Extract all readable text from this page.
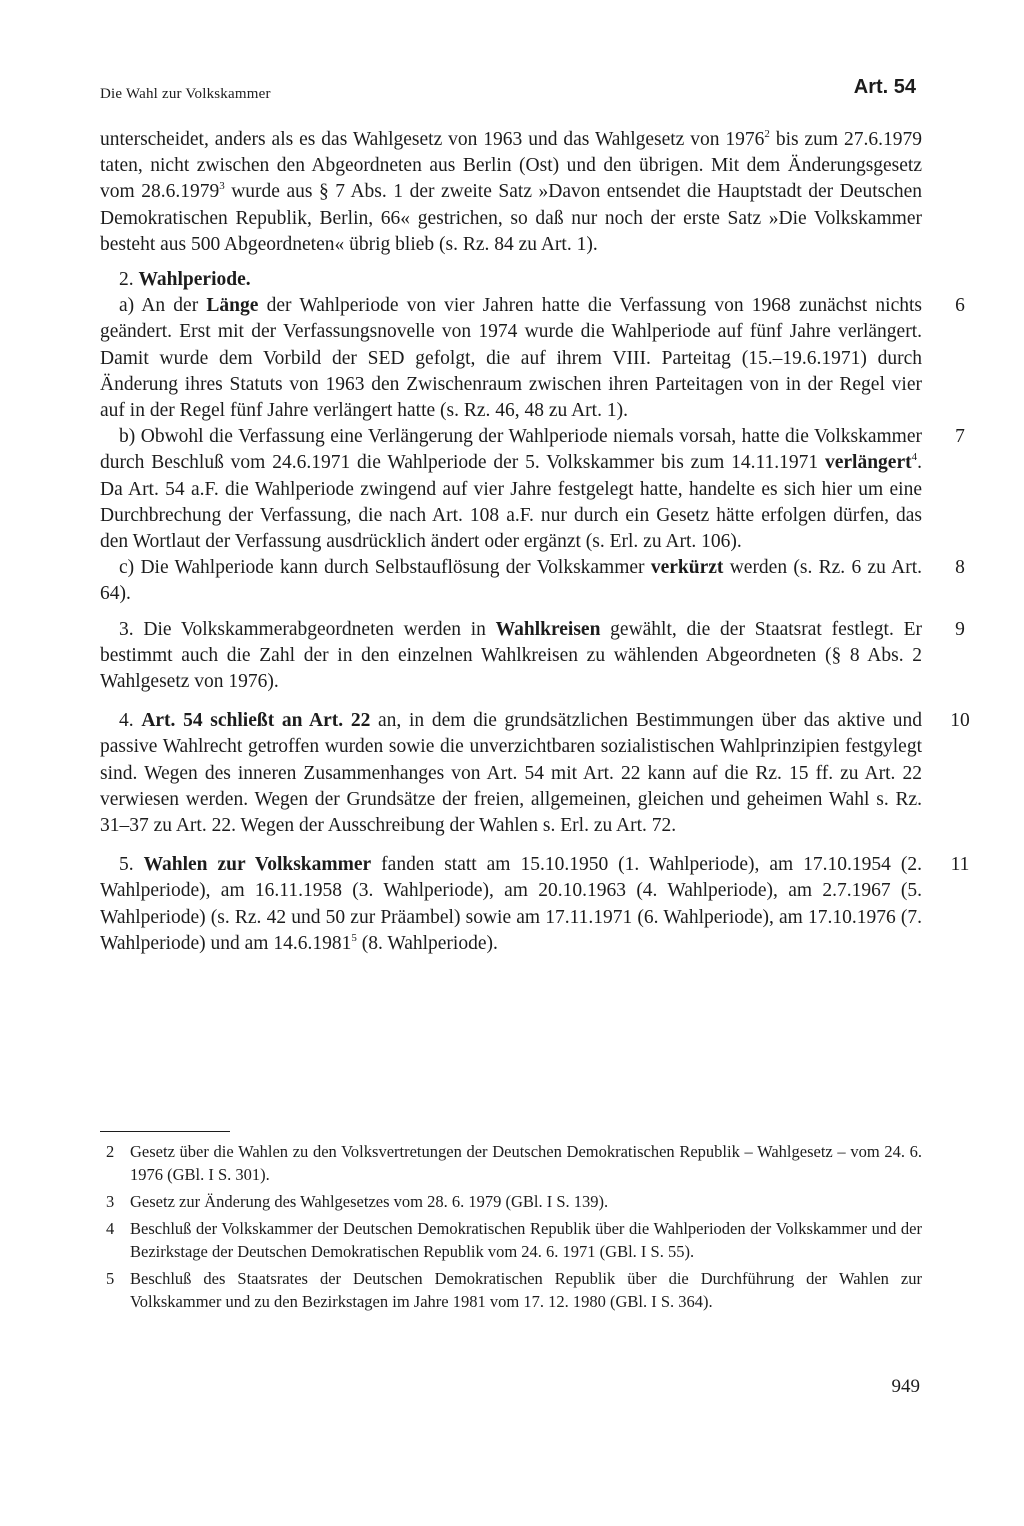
Die Wahl zur Volkskammer	Art. 54

unterscheidet, anders als es das Wahlgesetz von 1963 und das Wahlgesetz von 1976$^2$ bis zum 27.6.1979 taten, nicht zwischen den Abgeordneten aus Berlin (Ost) und den übrigen. Mit dem Änderungsgesetz vom 28.6.1979$^3$ wurde aus § 7 Abs. 1 der zweite Satz »Davon entsendet die Hauptstadt der Deutschen Demokratischen Republik, Berlin, 66« gestrichen, so daß nur noch der erste Satz »Die Volkskammer besteht aus 500 Abgeordneten« übrig blieb (s. Rz. 84 zu Art. 1).

2. Wahlperiode.

a) An der Länge der Wahlperiode von vier Jahren hatte die Verfassung von 1968 zunächst nichts geändert. Erst mit der Verfassungsnovelle von 1974 wurde die Wahlperiode auf fünf Jahre verlängert. Damit wurde dem Vorbild der SED gefolgt, die auf ihrem VIII. Parteitag (15.–19.6.1971) durch Änderung ihres Statuts von 1963 den Zwischenraum zwischen ihren Parteitagen von in der Regel vier auf in der Regel fünf Jahre verlängert hatte (s. Rz. 46, 48 zu Art. 1).
6

b) Obwohl die Verfassung eine Verlängerung der Wahlperiode niemals vorsah, hatte die Volkskammer durch Beschluß vom 24.6.1971 die Wahlperiode der 5. Volkskammer bis zum 14.11.1971 verlängert$^4$. Da Art. 54 a.F. die Wahlperiode zwingend auf vier Jahre festgelegt hatte, handelte es sich hier um eine Durchbrechung der Verfassung, die nach Art. 108 a.F. nur durch ein Gesetz hätte erfolgen dürfen, das den Wortlaut der Verfassung ausdrücklich ändert oder ergänzt (s. Erl. zu Art. 106).
7

c) Die Wahlperiode kann durch Selbstauflösung der Volkskammer verkürzt werden (s. Rz. 6 zu Art. 64).
8

3. Die Volkskammerabgeordneten werden in Wahlkreisen gewählt, die der Staatsrat festlegt. Er bestimmt auch die Zahl der in den einzelnen Wahlkreisen zu wählenden Abgeordneten (§ 8 Abs. 2 Wahlgesetz von 1976).
9

4. Art. 54 schließt an Art. 22 an, in dem die grundsätzlichen Bestimmungen über das aktive und passive Wahlrecht getroffen wurden sowie die unverzichtbaren sozialistischen Wahlprinzipien festgylegt sind. Wegen des inneren Zusammenhanges von Art. 54 mit Art. 22 kann auf die Rz. 15 ff. zu Art. 22 verwiesen werden. Wegen der Grundsätze der freien, allgemeinen, gleichen und geheimen Wahl s. Rz. 31–37 zu Art. 22. Wegen der Ausschreibung der Wahlen s. Erl. zu Art. 72.
10

5. Wahlen zur Volkskammer fanden statt am 15.10.1950 (1. Wahlperiode), am 17.10.1954 (2. Wahlperiode), am 16.11.1958 (3. Wahlperiode), am 20.10.1963 (4. Wahlperiode), am 2.7.1967 (5. Wahlperiode) (s. Rz. 42 und 50 zur Präambel) sowie am 17.11.1971 (6. Wahlperiode), am 17.10.1976 (7. Wahlperiode) und am 14.6.1981$^5$ (8. Wahlperiode).
11

2 Gesetz über die Wahlen zu den Volksvertretungen der Deutschen Demokratischen Republik – Wahlgesetz – vom 24. 6. 1976 (GBl. I S. 301).
3 Gesetz zur Änderung des Wahlgesetzes vom 28. 6. 1979 (GBl. I S. 139).
4 Beschluß der Volkskammer der Deutschen Demokratischen Republik über die Wahlperioden der Volkskammer und der Bezirkstage der Deutschen Demokratischen Republik vom 24. 6. 1971 (GBl. I S. 55).
5 Beschluß des Staatsrates der Deutschen Demokratischen Republik über die Durchführung der Wahlen zur Volkskammer und zu den Bezirkstagen im Jahre 1981 vom 17. 12. 1980 (GBl. I S. 364).
949
